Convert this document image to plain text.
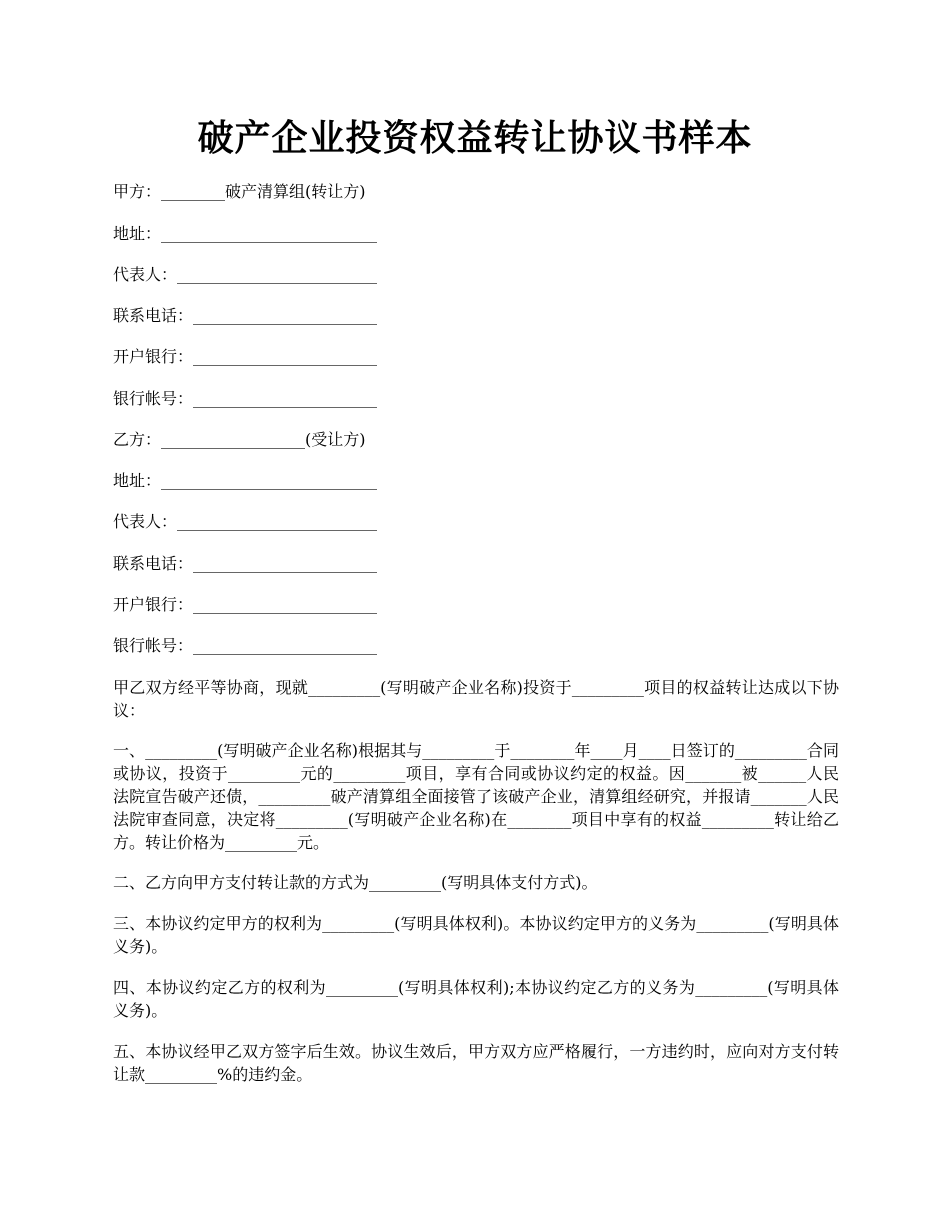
破产企业投资权益转让协议书样本
甲方：________破产清算组(转让方)
地址：___________________________
代表人：_________________________
联系电话：_______________________
开户银行：_______________________
银行帐号：_______________________
乙方：__________________(受让方)
地址：___________________________
代表人：_________________________
联系电话：_______________________
开户银行：_______________________
银行帐号：_______________________

甲乙双方经平等协商，现就_________(写明破产企业名称)投资于_________项目的权益转让达成以下协议：

一、_________(写明破产企业名称)根据其与_________于________年____月____日签订的_________合同或协议，投资于_________元的_________项目，享有合同或协议约定的权益。因_______被______人民法院宣告破产还债，_________破产清算组全面接管了该破产企业，清算组经研究，并报请_______人民法院审查同意，决定将_________(写明破产企业名称)在________项目中享有的权益_________转让给乙方。转让价格为_________元。

二、乙方向甲方支付转让款的方式为_________(写明具体支付方式)。

三、本协议约定甲方的权利为_________(写明具体权利)。本协议约定甲方的义务为_________(写明具体义务)。

四、本协议约定乙方的权利为_________(写明具体权利);本协议约定乙方的义务为_________(写明具体义务)。

五、本协议经甲乙双方签字后生效。协议生效后，甲方双方应严格履行，一方违约时，应向对方支付转让款_________%的违约金。
